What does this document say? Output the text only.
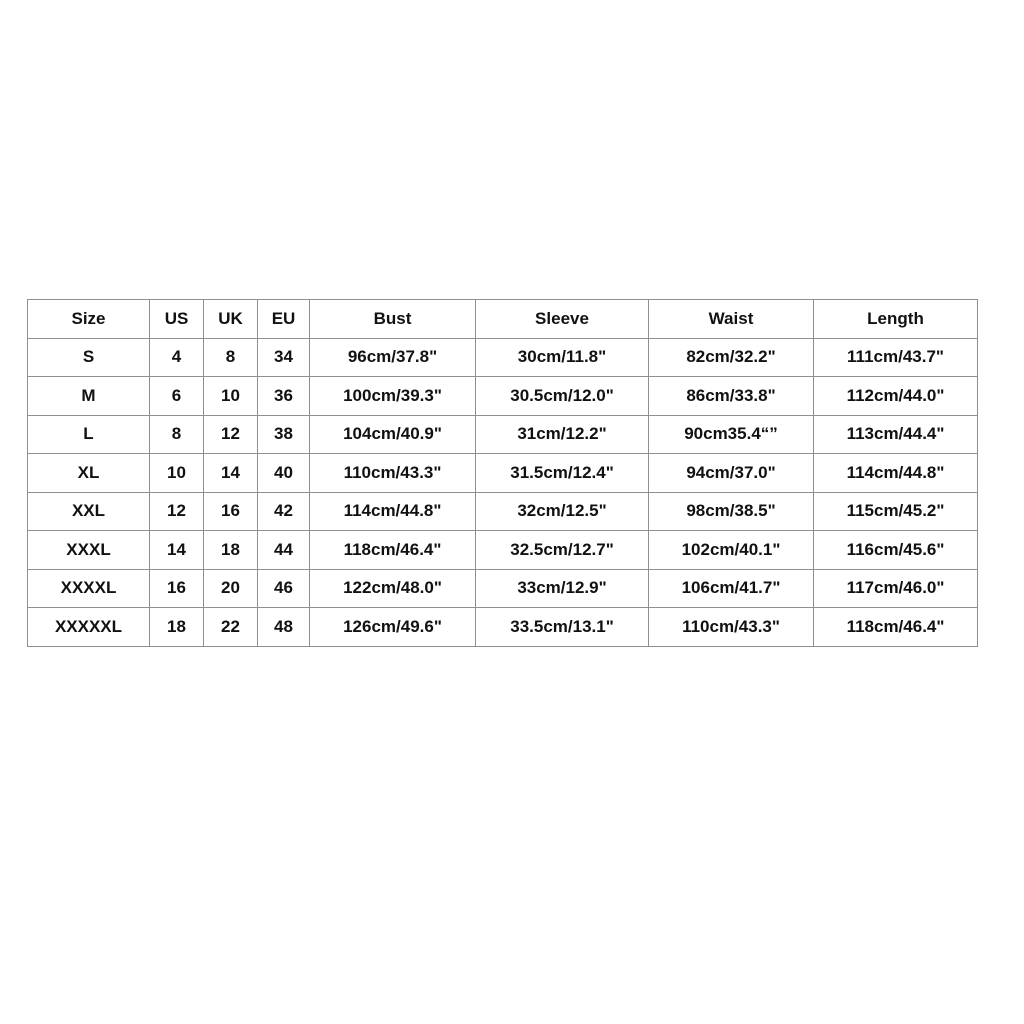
Size	US	UK	EU	Bust	Sleeve	Waist	Length
S	4	8	34	96cm/37.8"	30cm/11.8"	82cm/32.2"	111cm/43.7"
M	6	10	36	100cm/39.3"	30.5cm/12.0"	86cm/33.8"	112cm/44.0"
L	8	12	38	104cm/40.9"	31cm/12.2"	90cm35.4“”	113cm/44.4"
XL	10	14	40	110cm/43.3"	31.5cm/12.4"	94cm/37.0"	114cm/44.8"
XXL	12	16	42	114cm/44.8"	32cm/12.5"	98cm/38.5"	115cm/45.2"
XXXL	14	18	44	118cm/46.4"	32.5cm/12.7"	102cm/40.1"	116cm/45.6"
XXXXL	16	20	46	122cm/48.0"	33cm/12.9"	106cm/41.7"	117cm/46.0"
XXXXXL	18	22	48	126cm/49.6"	33.5cm/13.1"	110cm/43.3"	118cm/46.4"
